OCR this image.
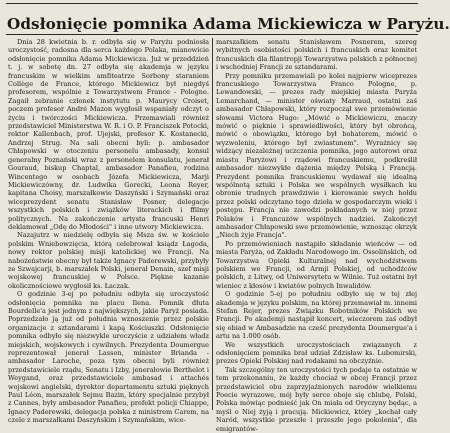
Odsłonięcie pomnika Adama Mickiewicza w Paryżu.

Dnia 28 kwietnia b. r. odbyła się w Paryżu podniosła uroczystość, radosna dla serca każdego Polaka, mianowicie odsłonięcie pomnika Adama Mickiewicza. Już w przeddzień t. j. w sobotę dn. 27 odbyła się akademja w języku francuskim w wielkim amfiteatrze Sorbony staraniem Collège de France, którego Mickiewicz był niegdyś profesorem, wspólnie z Towarzystwem France - Pologne. Zagaił zebranie członek instytutu p. Maurycy Croiset, poczem profesor André Mazon wygłosił wspaniały odczyt o życiu i twórczości Mickiewicza. Przemawiali również przedstawiciel Ministerstwa W. R. i O. P. Franciszek Potocki, rektor Kallenbach, prof. Ujejski, profesor K. Kostanecki, Andrzej Strug. Na sali obecni byli: p. ambasador Chłapowski w otoczeniu personelu ambasady, konsul generalny Poznański wraz z personelem konsulatu, jenerał Gouraud, biskup Chaptal, ambasador Panafieu, rodzina Wincentego w osobach Józefa Mickiewicza, Marji Mickiewiczówny, dr. Ludwika Gorecki, Leona Reyer, kapitana Choisy, marszałkowie Daszyński i Szymański oraz wiceprezydent senatu Stanisław Posner, delegacje wszystkich polskich i zwiążków literackich i ffilmy politycznych. Na zakończenie artysta francuski Henri deklamował „Odę do Młodości" i inne utwory Mickiewicza.

Nazajutrz w niedzielę odbyła się Msza św. w kościele polskim Wniebowzięcia, którą celebrował ksiądz Łagoda, nowy rektor polskiej misji katolickiej we Francji. Na nabożeństwie obecny był także Ignacy Paderewski, przybyły ze Szwajcarji, b. marszałek Polski, jenerał Denain, szef misji wojskowej francuskiej w Polsce. Piękne kazanie okolicznościowe wygłosił ks. Łaczak.

O godzinie 3-ej po południu odbyła się uroczystość odsłonięcia pomnika na placu Ilena. Pomnik dłuta Bourdelle'a jest jednym z największych, jakie Paryż posiada. Poprzedzało ją już od południa wznoszenie przez polskie organizacje z sztandarami i kapą Kościuszki. Odsłonięcie pomnika odbyło się niezwykle uroczyście z udziałem władz miejskich, wojskowych i cywilnych. Prezydenta Doumergue reprezentował jenerał Lasson, minister Brianda - ambasador Laroche, poza tym obecni byli również przedstawiciele rządu, Senatu i Izby, jenerałowie Berthelot i Weygand, oraz przedstawiciele ambasad i attachés wojskowi angielski, dyrektor departamentu sztuki pięknych Paul Léon, marszałek Sejmu Bazin, który specjalnie przybył z Cannes, były ambasador Panafieu, prefekt policji Chiappe, Ignacy Paderewski, delegacja polska z ministrem Carem, na czele z marszałkami Daszyńskim i Szymańskim, wice-

marszałkiem senatu Stanisławem Posnerem, szereg wybitnych osobistości polskich i francuskich oraz komitet francuskich dla filantropji Towarzystwa polskich z północnej i wschodniej Francji ze sztandarami.

Przy pomniku przemawiali po kolei najpierw wiceprezes francuskiego Towarzystwa Franco Pologne, p. Lewandowski, — prezes rady miejskiej miasta Paryża Lemarchand, — minister oświaty Marraud, ostatni zaś ambasador Chłapowski, który rozpoczął swe przemówienie słowami Victora Hugo: „Mówić o Mickiewiczu, znaczy mówić o pięknie i sprawiedliwości, który był obrońcą, mówić o obowiązku, którego był bohaterem, mówić o wyzwoleniu, którego był zwiastunem". Wyrażnicy się widzący niezależnej uczczenia pomnika, jego autorowi oraz miastu Paryżowi i rządowi francuskiemu, podkreślił ambasador niezwykłe dążenia między Polską i Francją. Prezydent pomnika francuskiemu wydawał się idealną wspólnotą sztuki i Polska we wspólnych wysiłkach ku obronie trudnych prawdziwie i kierowanie swych hołdu przez polski odczytano tego dzieła w gospodarczym wieki i postępu. Francja nie zawodzi pokładanych w niej przez Polaków i Francuzów wspólnych nadziei. Zakończył ambasador Chłapowski swe przemówienie, wznosząc okrzyk „Niech żyje Francja".

Po przemówieniach nastąpiło składanie wieńców — od miasta Paryża, od Zakładu Narodowego im. Ossolińskich, od Towarzystwa Opieki Kulturalnej nad wychodźstwem polskiem we Francji, od Armji Polskiej, od uchodźców polskich, z Litwy, od Uniwersytetu w Wilnie. Tuż ostatni był wieniec z kłosów i kwiatów polnych Inwalidów.

O godzinie 5-ej po południu odbyło się w tej złej akademja w języku polskim, na której przemawiał m. innemi Stefan Rejer, prezes Związku Robotników Polskich we Francji. Po akademji nastąpił koncert, wieczorem zaś odbył się obiad w Ambasadzie na cześć prezydenta Doumergue'a i artu na 1.000 osób.

We wszystkich uroczystościach związanych z odsłonięciem pomnika brał udział Zdzisław ks. Lubomirski, prezes Opieki Polskiej nad rodakami na obczyźnie.

Tak szczególny ten uroczystości tych podaje ta ostatnie w tem przekonaniu, że każdy chociaż w obcej Francji przez przedstawiciel obu zaprzyjaźnionych narodów wielkiemu Poecie wyrazowe, mój były serce oboje się chlubę, Polski, Polska mówiąc podnieść jak On miała od Oryczyny będąc, a myśl o Niej żyją i pracują. Mickiewicz, który „kochał cały Naród, wszystkie przeszłe i przeszłe jego pokolenia", dla emigrantów-
